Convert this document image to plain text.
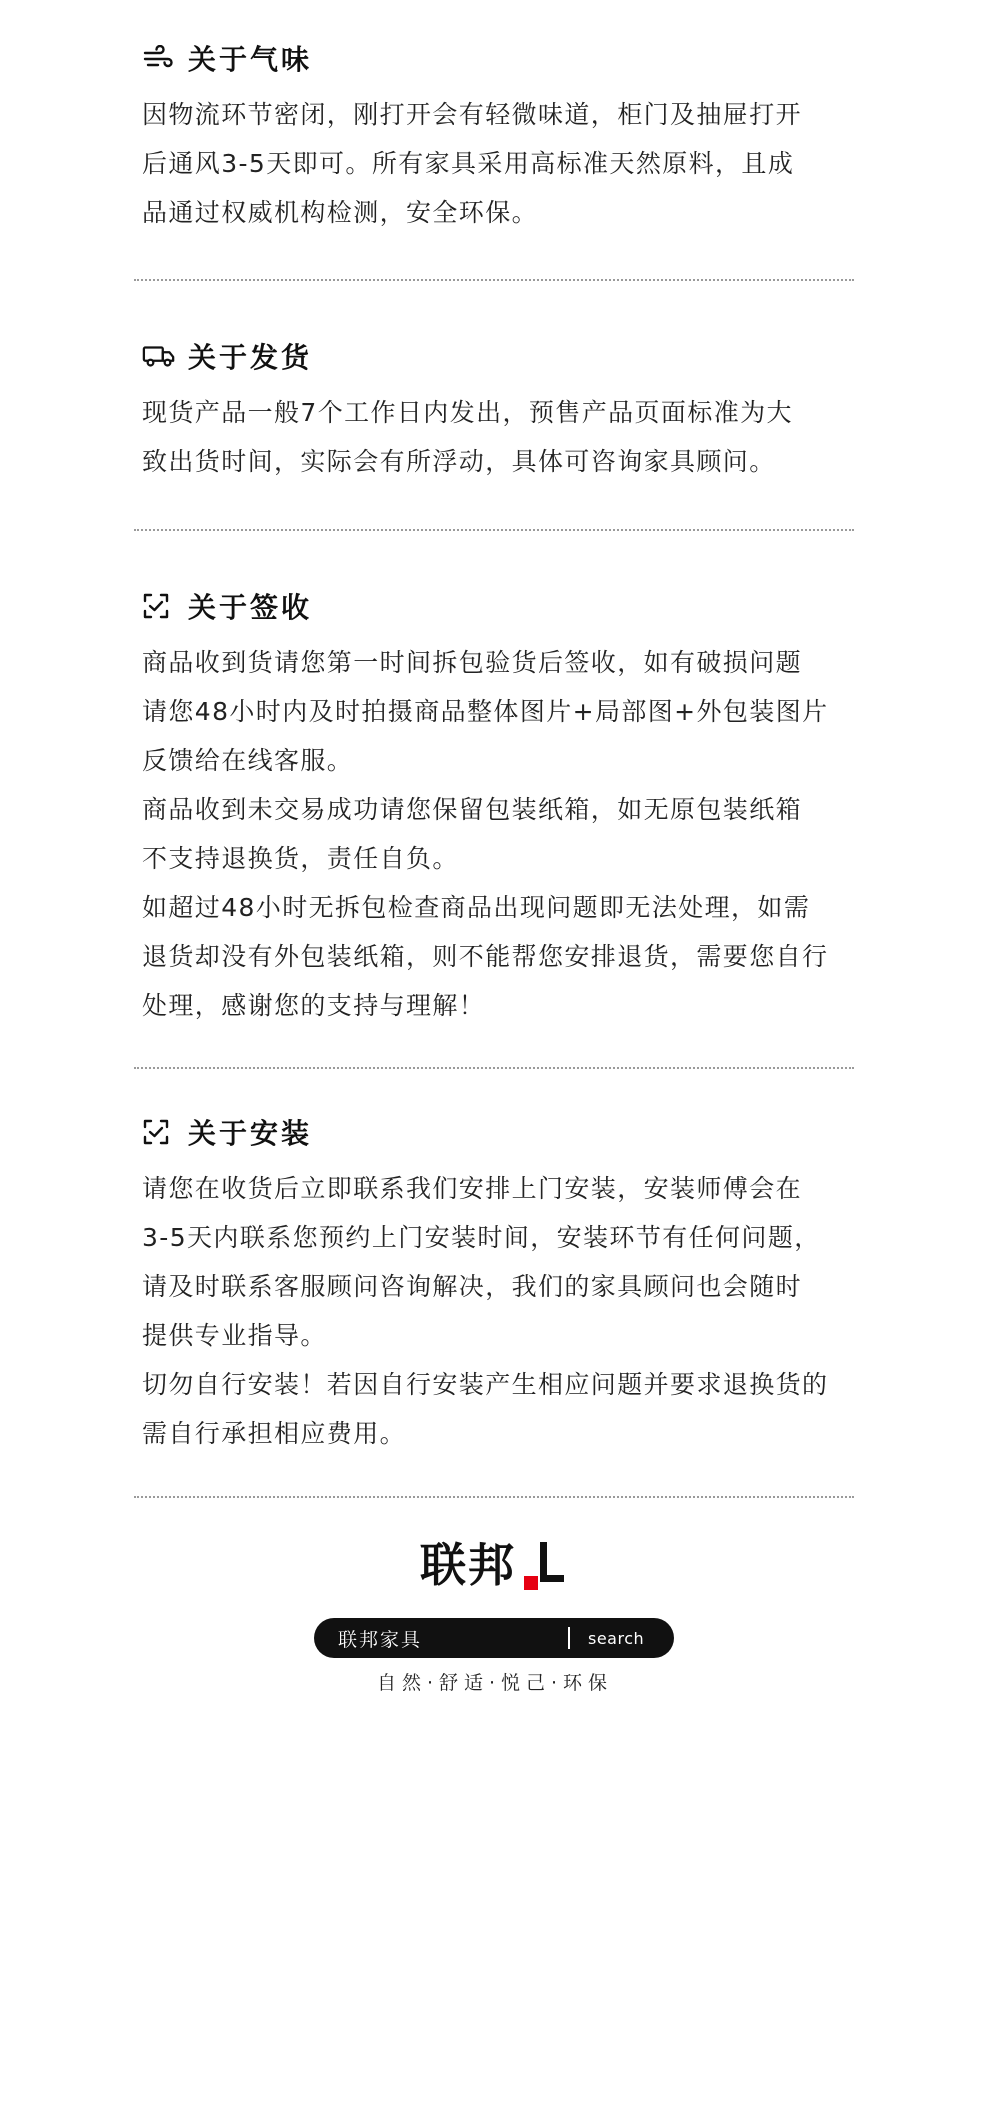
关于气味

因物流环节密闭，刚打开会有轻微味道，柜门及抽屉打开

后通风3-5天即可。所有家具采用高标准天然原料，且成

品通过权威机构检测，安全环保。

关于发货

现货产品一般7个工作日内发出，预售产品页面标准为大

致出货时间，实际会有所浮动，具体可咨询家具顾问。

关于签收

商品收到货请您第一时间拆包验货后签收，如有破损问题

请您48小时内及时拍摄商品整体图片+局部图+外包装图片

反馈给在线客服。

商品收到未交易成功请您保留包装纸箱，如无原包装纸箱

不支持退换货，责任自负。

如超过48小时无拆包检查商品出现问题即无法处理，如需

退货却没有外包装纸箱，则不能帮您安排退货，需要您自行

处理，感谢您的支持与理解！

关于安装

请您在收货后立即联系我们安排上门安装，安装师傅会在

3-5天内联系您预约上门安装时间，安装环节有任何问题，

请及时联系客服顾问咨询解决，我们的家具顾问也会随时

提供专业指导。

切勿自行安装！若因自行安装产生相应问题并要求退换货的

需自行承担相应费用。

联邦
联邦家具	search
自然·舒适·悦己·环保
